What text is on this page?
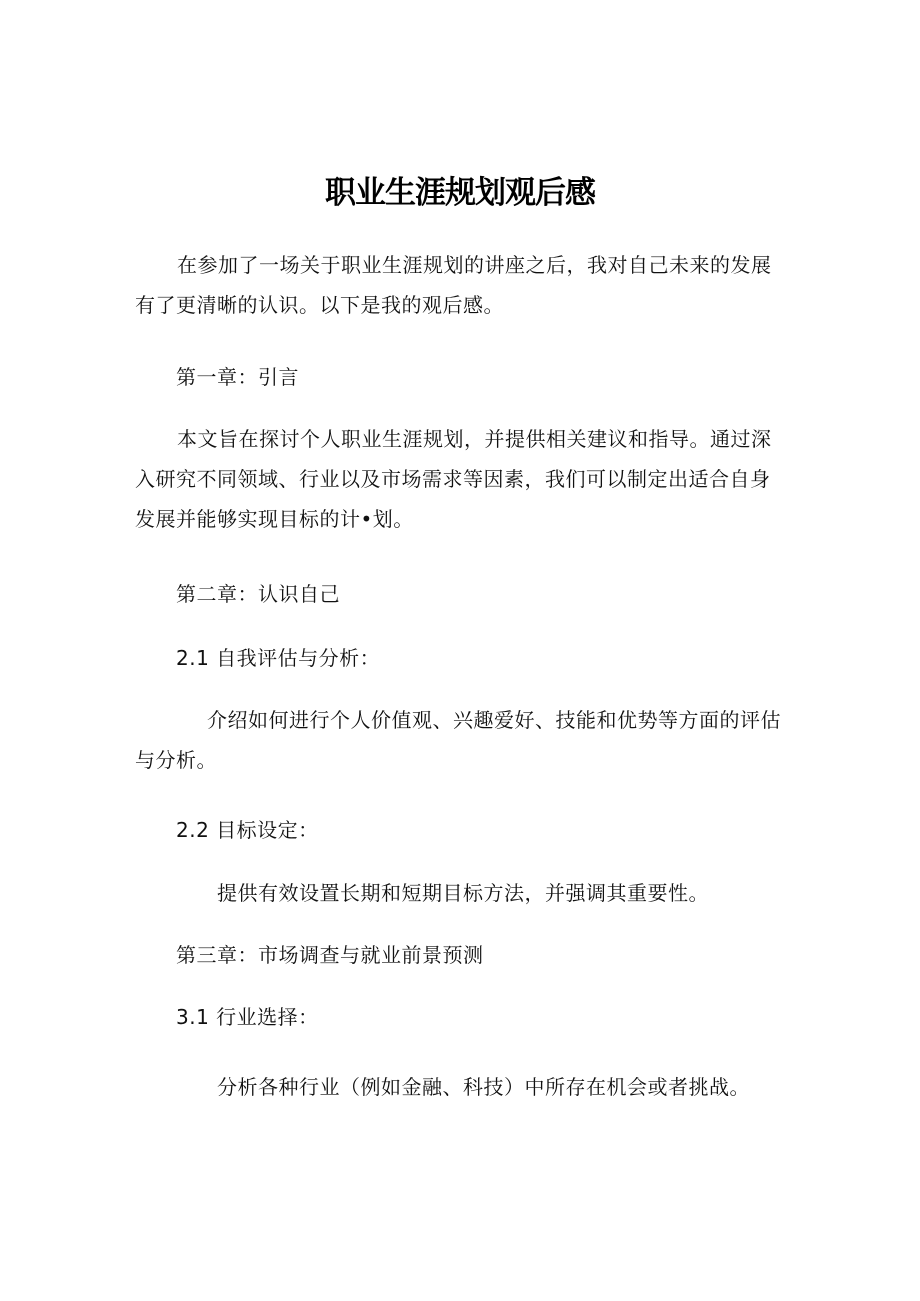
职业生涯规划观后感

在参加了一场关于职业生涯规划的讲座之后，我对自己未来的发展有了更清晰的认识。以下是我的观后感。

第一章：引言

本文旨在探讨个人职业生涯规划，并提供相关建议和指导。通过深入研究不同领域、行业以及市场需求等因素，我们可以制定出适合自身发展并能够实现目标的计•划。

第二章：认识自己
2.1 自我评估与分析：

介绍如何进行个人价值观、兴趣爱好、技能和优势等方面的评估与分析。

2.2 目标设定：

提供有效设置长期和短期目标方法，并强调其重要性。

第三章：市场调查与就业前景预测
3.1 行业选择：

分析各种行业（例如金融、科技）中所存在机会或者挑战。
